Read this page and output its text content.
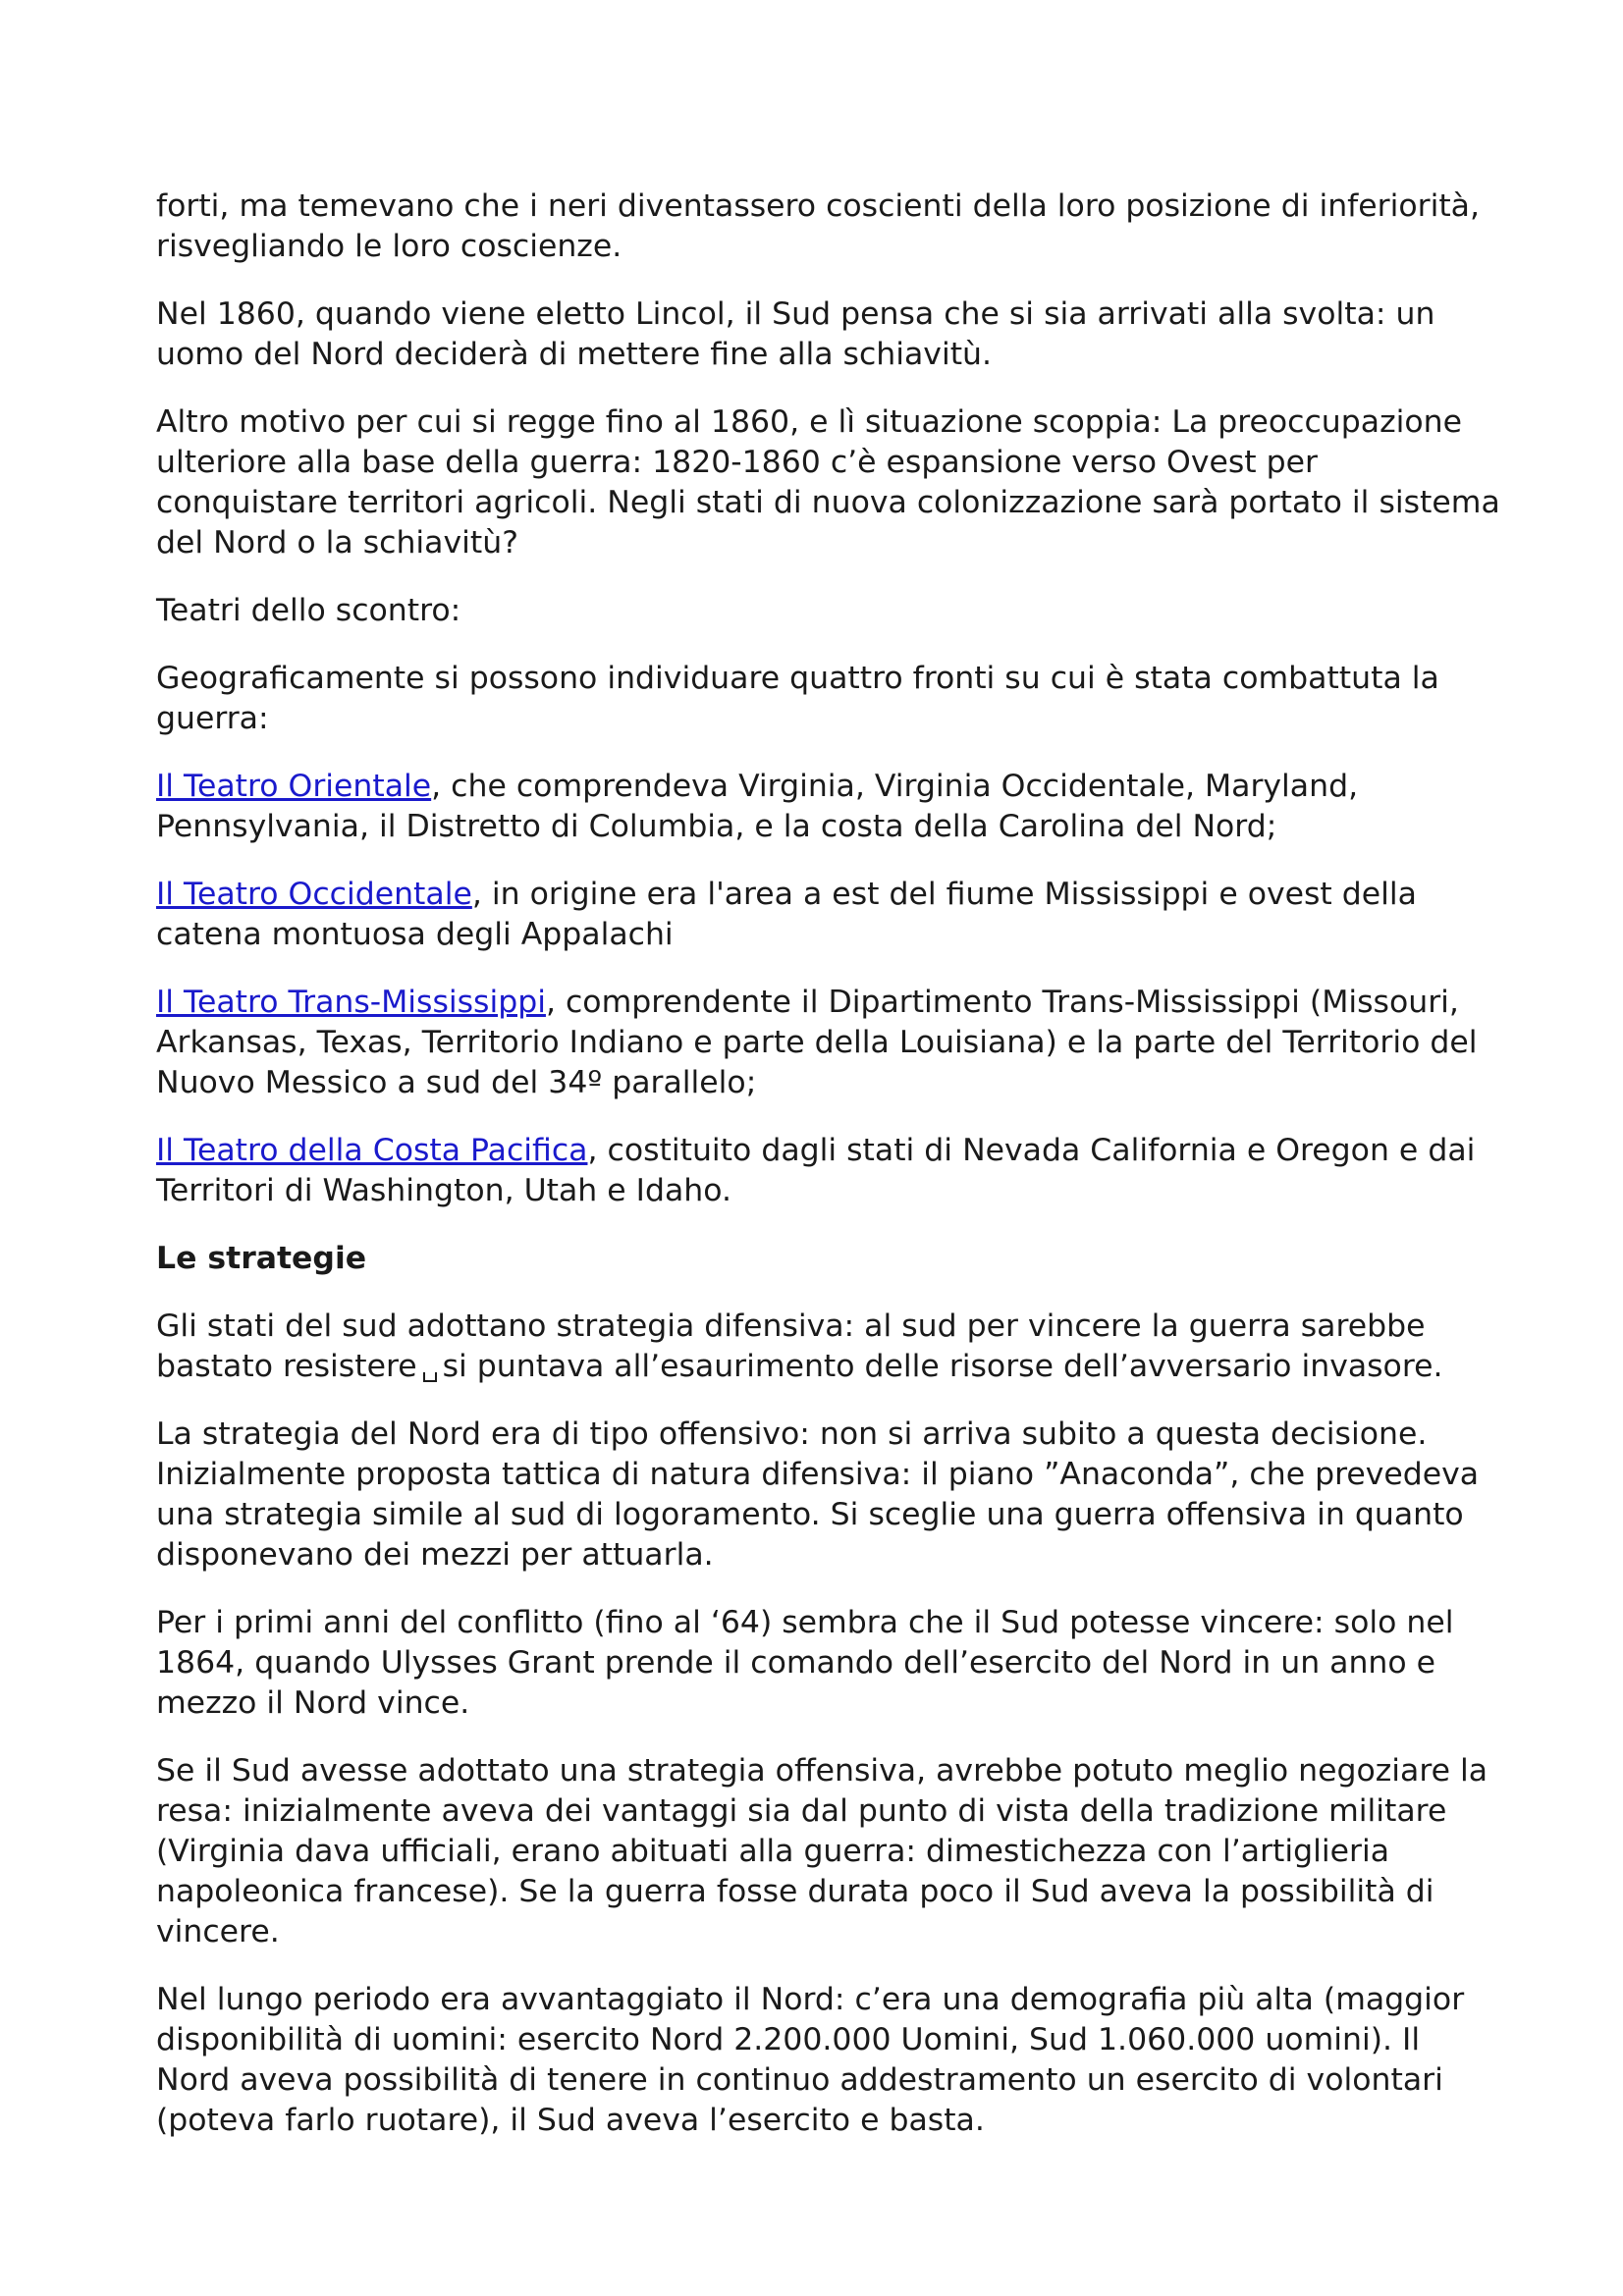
forti, ma temevano che i neri diventassero coscienti della loro posizione di inferiorità, risvegliando le loro coscienze.

Nel 1860, quando viene eletto Lincol, il Sud pensa che si sia arrivati alla svolta: un uomo del Nord deciderà di mettere fine alla schiavitù.

Altro motivo per cui si regge fino al 1860, e lì situazione scoppia: La preoccupazione ulteriore alla base della guerra: 1820-1860 c’è espansione verso Ovest per conquistare territori agricoli. Negli stati di nuova colonizzazione sarà portato il sistema del Nord o la schiavitù?

Teatri dello scontro:

Geograficamente si possono individuare quattro fronti su cui è stata combattuta la guerra:

Il Teatro Orientale, che comprendeva Virginia, Virginia Occidentale, Maryland, Pennsylvania, il Distretto di Columbia, e la costa della Carolina del Nord;

Il Teatro Occidentale, in origine era l'area a est del fiume Mississippi e ovest della catena montuosa degli Appalachi

Il Teatro Trans-Mississippi, comprendente il Dipartimento Trans-Mississippi (Missouri, Arkansas, Texas, Territorio Indiano e parte della Louisiana) e la parte del Territorio del Nuovo Messico a sud del 34º parallelo;

Il Teatro della Costa Pacifica, costituito dagli stati di Nevada California e Oregon e dai Territori di Washington, Utah e Idaho.

Le strategie

Gli stati del sud adottano strategia difensiva: al sud per vincere la guerra sarebbe bastato resistere si puntava all’esaurimento delle risorse dell’avversario invasore.

La strategia del Nord era di tipo offensivo: non si arriva subito a questa decisione. Inizialmente proposta tattica di natura difensiva: il piano ”Anaconda”, che prevedeva una strategia simile al sud di logoramento. Si sceglie una guerra offensiva in quanto disponevano dei mezzi per attuarla.

Per i primi anni del conflitto (fino al ‘64) sembra che il Sud potesse vincere: solo nel 1864, quando Ulysses Grant prende il comando dell’esercito del Nord in un anno e mezzo il Nord vince.

Se il Sud avesse adottato una strategia offensiva, avrebbe potuto meglio negoziare la resa: inizialmente aveva dei vantaggi sia dal punto di vista della tradizione militare (Virginia dava ufficiali, erano abituati alla guerra: dimestichezza con l’artiglieria napoleonica francese). Se la guerra fosse durata poco il Sud aveva la possibilità di vincere.

Nel lungo periodo era avvantaggiato il Nord: c’era una demografia più alta (maggior disponibilità di uomini: esercito Nord 2.200.000 Uomini, Sud 1.060.000 uomini). Il Nord aveva possibilità di tenere in continuo addestramento un esercito di volontari (poteva farlo ruotare), il Sud aveva l’esercito e basta.
